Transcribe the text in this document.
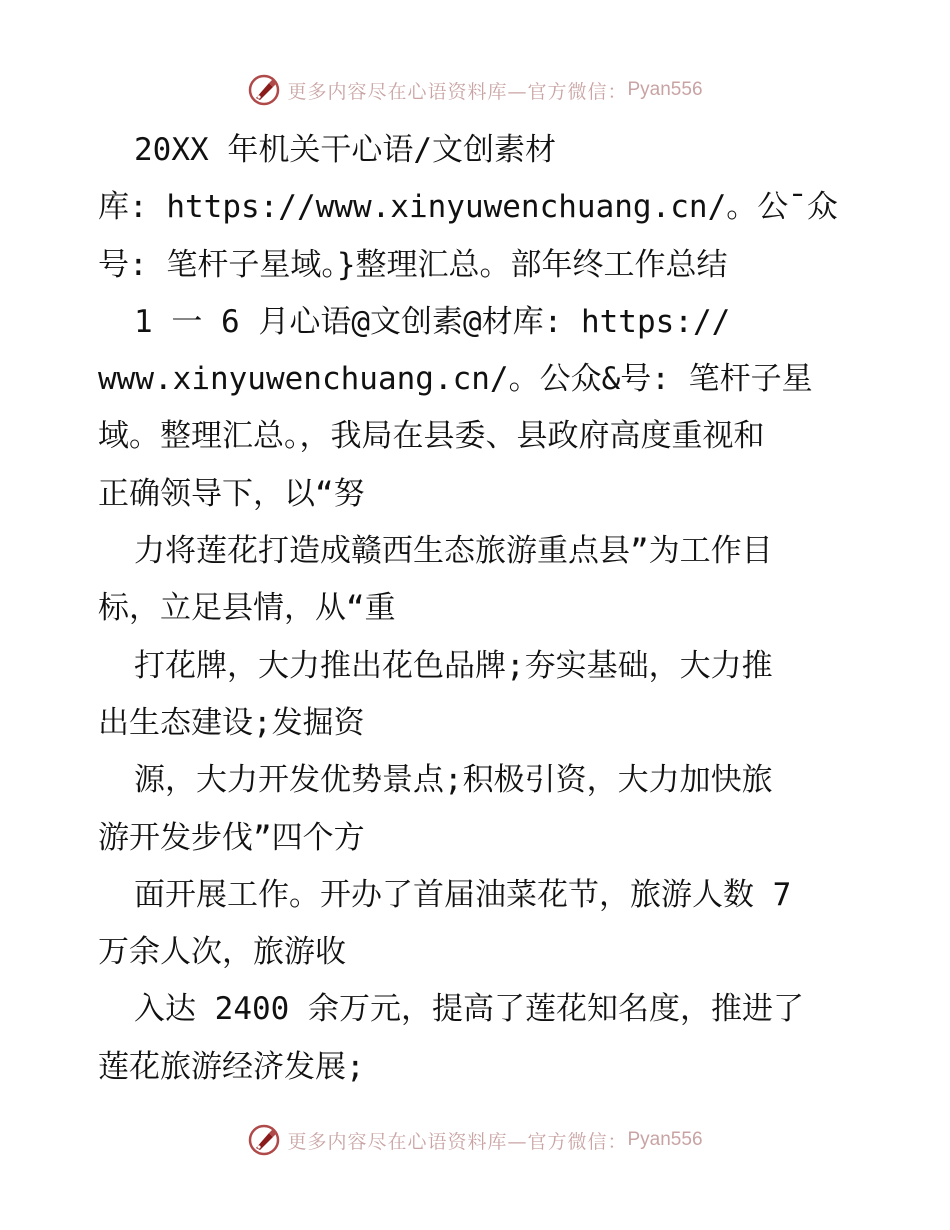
更多内容尽在心语资料库—官方微信： Pyan556
20XX 年机关干心语/文创素材
库: https://www.xinyuwenchuang.cn/。公¯众
号: 笔杆子星域。}整理汇总。部年终工作总结
1 一 6 月心语@文创素@材库: https://
www.xinyuwenchuang.cn/。公众&号: 笔杆子星
域。整理汇总。，我局在县委、县政府高度重视和
正确领导下，以“努
力将莲花打造成赣西生态旅游重点县”为工作目
标，立足县情，从“重
打花牌，大力推出花色品牌;夯实基础，大力推
出生态建设;发掘资
源，大力开发优势景点;积极引资，大力加快旅
游开发步伐”四个方
面开展工作。开办了首届油菜花节，旅游人数 7
万余人次，旅游收
入达 2400 余万元，提高了莲花知名度，推进了
莲花旅游经济发展;
更多内容尽在心语资料库—官方微信： Pyan556
